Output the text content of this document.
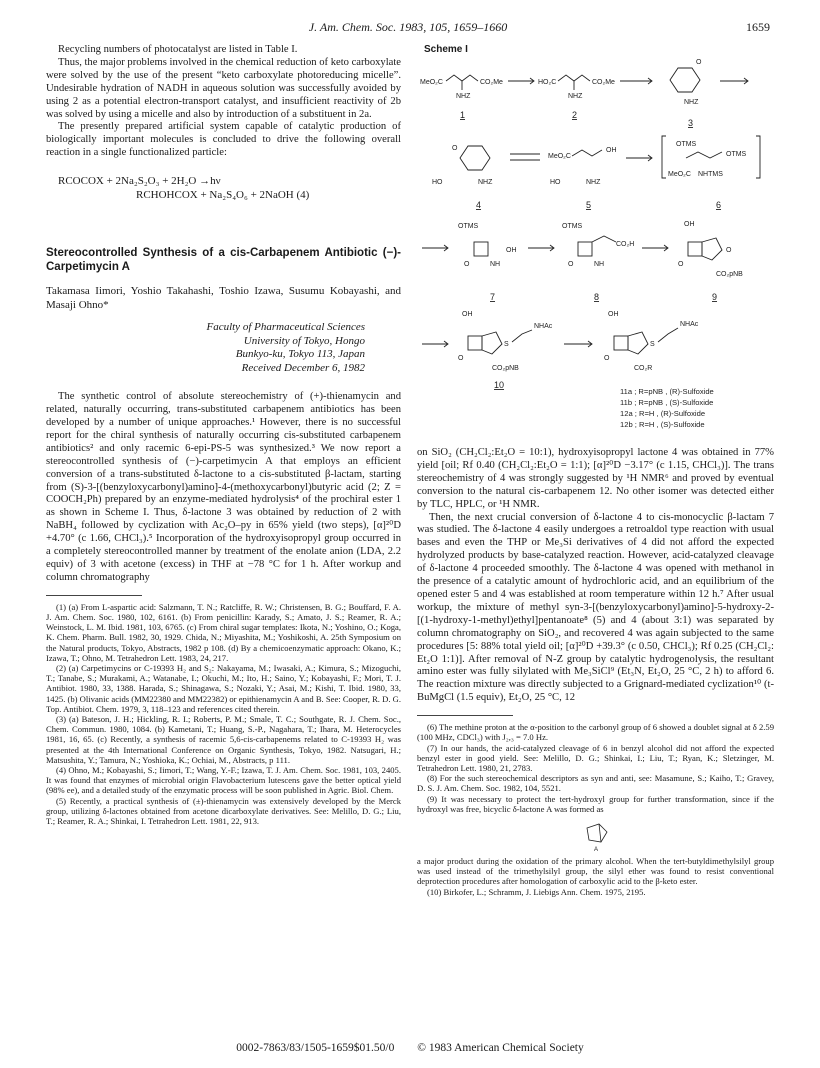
J. Am. Chem. Soc. 1983, 105, 1659–1660	1659

Recycling numbers of photocatalyst are listed in Table I.

Thus, the major problems involved in the chemical reduction of keto carboxylate were solved by the use of the present “keto carboxylate photoreducing micelle”. Undesirable hydration of NADH in aqueous solution was successfully avoided by using 2 as a potential electron-transport catalyst, and insufficient reactivity of 2b was solved by using a micelle and also by introduction of a substituent in 2a.

The presently prepared artificial system capable of catalytic production of biologically important molecules is concluded to drive the following overall reaction in a single functionalized particle:

RCOCOX + 2Na₂S₂O₃ + 2H₂O →hν
RCHOHCOX + Na₂S₄O₆ + 2NaOH (4)
Stereocontrolled Synthesis of a cis-Carbapenem Antibiotic (−)-Carpetimycin A
Takamasa Iimori, Yoshio Takahashi, Toshio Izawa, Susumu Kobayashi, and Masaji Ohno*
Faculty of Pharmaceutical Sciences
University of Tokyo, Hongo
Bunkyo-ku, Tokyo 113, Japan
Received December 6, 1982

The synthetic control of absolute stereochemistry of (+)-thienamycin and related, naturally occurring, trans-substituted carbapenem antibiotics has been developed by a number of unique approaches.¹ However, there is no successful report for the chiral synthesis of naturally occurring cis-substituted carbapenem antibiotics² and only racemic 6-epi-PS-5 was synthesized.³ We now report a stereocontrolled synthesis of (−)-carpetimycin A that employs an efficient conversion of a trans-substituted δ-lactone to a cis-substituted β-lactam, starting from (S)-3-[(benzyloxycarbonyl)amino]-4-(methoxycarbonyl)butyric acid (2; Z = COOCH₂Ph) prepared by an enzyme-mediated hydrolysis⁴ of the prochiral ester 1 as shown in Scheme I. Thus, δ-lactone 3 was obtained by reduction of 2 with NaBH₄ followed by cyclization with Ac₂O–py in 65% yield (two steps), [α]²⁰D +4.70° (c 1.66, CHCl₃).⁵ Incorporation of the hydroxyisopropyl group occurred in a completely stereocontrolled manner by treatment of the enolate anion (LDA, 2.2 equiv) of 3 with acetone (excess) in THF at −78 °C for 1 h. After workup and column chromatography

(1) (a) From L-aspartic acid: Salzmann, T. N.; Ratcliffe, R. W.; Christensen, B. G.; Bouffard, F. A. J. Am. Chem. Soc. 1980, 102, 6161. (b) From penicillin: Karady, S.; Amato, J. S.; Reamer, R. A.; Weinstock, L. M. Ibid. 1981, 103, 6765. (c) From chiral sugar templates: Ikota, N.; Yoshino, O.; Koga, K. Chem. Pharm. Bull. 1982, 30, 1929. Chida, N.; Miyashita, M.; Yoshikoshi, A. 25th Symposium on the Natural products, Tokyo, Abstracts, 1982 p 108. (d) By a chemicoenzymatic approach: Okano, K.; Izawa, T.; Ohno, M. Tetrahedron Lett. 1983, 24, 217.

(2) (a) Carpetimycins or C-19393 H₂ and S₂: Nakayama, M.; Iwasaki, A.; Kimura, S.; Mizoguchi, T.; Tanabe, S.; Murakami, A.; Watanabe, I.; Okuchi, M.; Ito, H.; Saino, Y.; Kobayashi, F.; Mori, T. J. Antibiot. 1980, 33, 1388. Harada, S.; Shinagawa, S.; Nozaki, Y.; Asai, M.; Kishi, T. Ibid. 1980, 33, 1425. (b) Olivanic acids (MM22380 and MM22382) or epithienamycin A and B. See: Cooper, R. D. G. Top. Antibiot. Chem. 1979, 3, 118–123 and references cited therein.

(3) (a) Bateson, J. H.; Hickling, R. I.; Roberts, P. M.; Smale, T. C.; Southgate, R. J. Chem. Soc., Chem. Commun. 1980, 1084. (b) Kametani, T.; Huang, S.-P., Nagahara, T.; Ihara, M. Heterocycles 1981, 16, 65. (c) Recently, a synthesis of racemic 5,6-cis-carbapenems related to C-19393 H₂ was presented at the 4th International Conference on Organic Synthesis, Tokyo, 1982. Natsugari, H.; Matsushita, Y.; Tamura, N.; Yoshioka, K.; Ochiai, M., Abstracts, p 111.

(4) Ohno, M.; Kobayashi, S.; Iimori, T.; Wang, Y.-F.; Izawa, T. J. Am. Chem. Soc. 1981, 103, 2405. It was found that enzymes of microbial origin Flavobacterium lutescens gave the better optical yield (98% ee), and a detailed study of the enzymatic process will be soon published in Agric. Biol. Chem.

(5) Recently, a practical synthesis of (±)-thienamycin was extensively developed by the Merck group, utilizing δ-lactones obtained from acetone dicarboxylate derivatives. See: Melillo, D. G.; Liu, T.; Reamer, R. A.; Shinkai, I. Tetrahedron Lett. 1981, 22, 913.

Scheme I
MeO₂C	CO₂Me
NHZ
1
HO₂C	CO₂Me
NHZ
2
O
NHZ
3
O
HO	NHZ
4
MeO₂C
OH
HO	NHZ
5
OTMS
OTMS
MeO₂C NHTMS
6
OTMS
O	NH
OH
7
OTMS
O	NH
CO₂H
8
OH
O
O
CO₂pNB
9
OH
S
NHAc
O
CO₂pNB
10
OH
S
NHAc
O
CO₂R
11a ; R=pNB , (R)-Sulfoxide
11b ; R=pNB , (S)-Sulfoxide
12a ; R=H , (R)-Sulfoxide
12b ; R=H , (S)-Sulfoxide

on SiO₂ (CH₂Cl₂:Et₂O = 10:1), hydroxyisopropyl lactone 4 was obtained in 77% yield [oil; Rf 0.40 (CH₂Cl₂:Et₂O = 1:1); [α]²⁰D −3.17° (c 1.15, CHCl₃)]. The trans stereochemistry of 4 was strongly suggested by ¹H NMR⁶ and proved by eventual conversion to the natural cis-carbapenem 12. No other isomer was detected either by TLC, HPLC, or ¹H NMR.

Then, the next crucial conversion of δ-lactone 4 to cis-monocyclic β-lactam 7 was studied. The δ-lactone 4 easily undergoes a retroaldol type reaction with usual bases and even the THP or Me₃Si derivatives of 4 did not afford the expected hydrolyzed products by base-catalyzed reaction. However, acid-catalyzed cleavage of δ-lactone 4 proceeded smoothly. The δ-lactone 4 was opened with methanol in the presence of a catalytic amount of hydrochloric acid, and an equilibrium of the opened ester 5 and 4 was established at room temperature within 12 h.⁷ After usual workup, the mixture of methyl syn-3-[(benzyloxycarbonyl)amino]-5-hydroxy-2-[(1-hydroxy-1-methyl)ethyl]pentanoate⁸ (5) and 4 (about 3:1) was separated by column chromatography on SiO₂, and recovered 4 was again subjected to the same procedures [5: 88% total yield oil; [α]²⁰D +39.3° (c 0.50, CHCl₃); Rf 0.25 (CH₂Cl₂: Et₂O 1:1)]. After removal of N-Z group by catalytic hydrogenolysis, the resultant amino ester was fully silylated with Me₃SiCl⁹ (Et₃N, Et₂O, 25 °C, 2 h) to afford 6. The reaction mixture was directly subjected to a Grignard-mediated cyclization¹⁰ (t-BuMgCl (1.5 equiv), Et₂O, 25 °C, 12

(6) The methine proton at the α-position to the carbonyl group of 6 showed a doublet signal at δ 2.59 (100 MHz, CDCl₃) with J₂,₃ = 7.0 Hz.

(7) In our hands, the acid-catalyzed cleavage of 6 in benzyl alcohol did not afford the expected benzyl ester in good yield. See: Melillo, D. G.; Shinkai, I.; Liu, T.; Ryan, K.; Sletzinger, M. Tetrahedron Lett. 1980, 21, 2783.

(8) For the such stereochemical descriptors as syn and anti, see: Masamune, S.; Kaiho, T.; Gravey, D. S. J. Am. Chem. Soc. 1982, 104, 5521.

(9) It was necessary to protect the tert-hydroxyl group for further transformation, since if the hydroxyl was free, bicyclic δ-lactone A was formed as

A

a major product during the oxidation of the primary alcohol. When the tert-butyldimethylsilyl group was used instead of the trimethylsilyl group, the silyl ether was found to resist conventional deprotection procedures after homologation of carboxylic acid to the β-keto ester.

(10) Birkofer, L.; Schramm, J. Liebigs Ann. Chem. 1975, 2195.

0002-7863/83/1505-1659$01.50/0 © 1983 American Chemical Society
